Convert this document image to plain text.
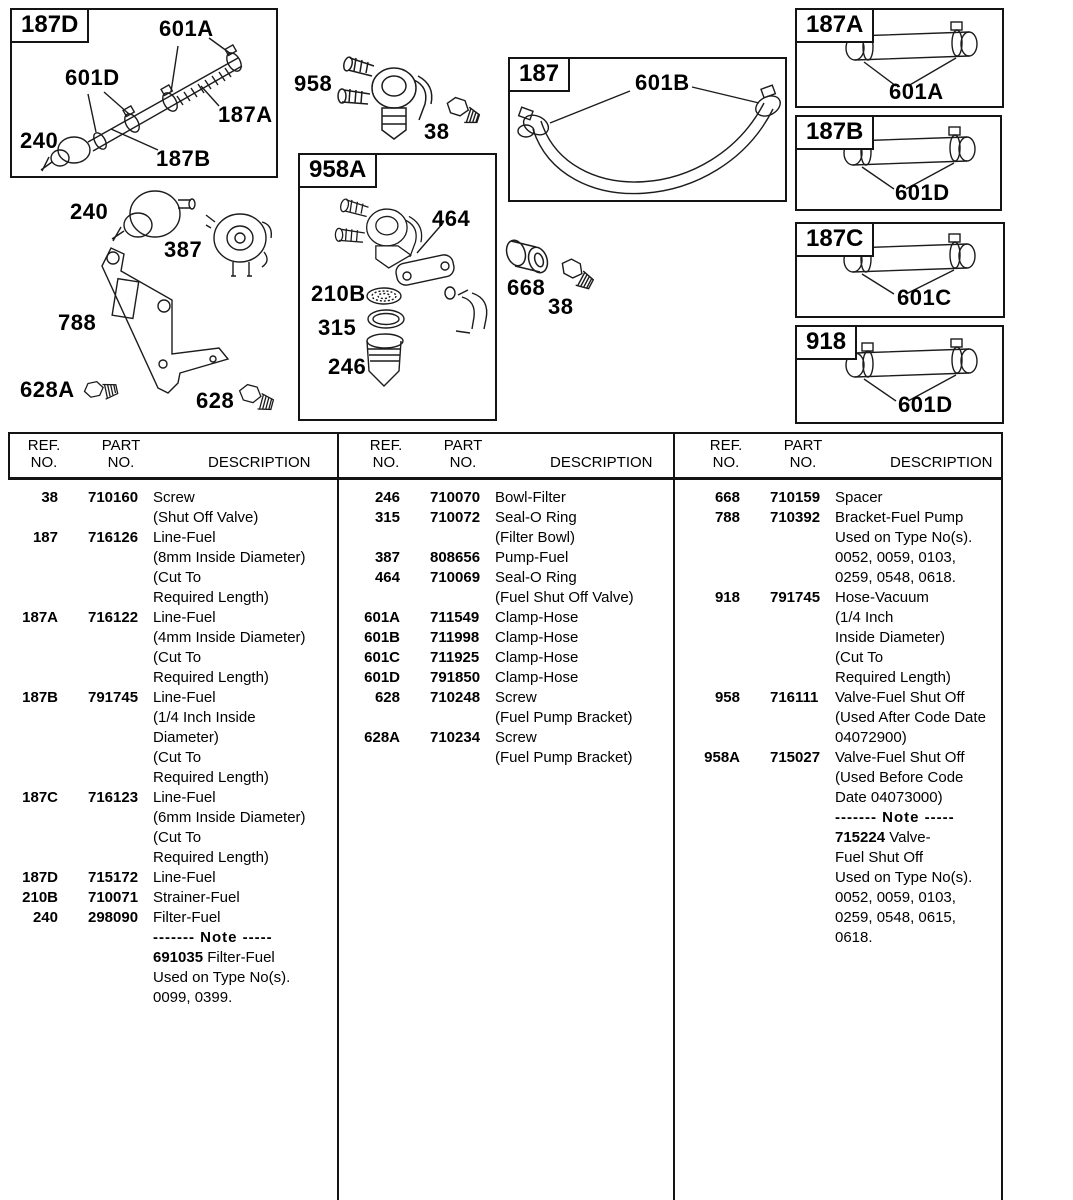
187D	601A
601D
240
187A
187B
958
38
187	601B
187A
601A
187B
601D
187C
601C
918
601D
240
387
788
628A	628
958A
464
210B
315
246
668
38
REF.
NO.
PART
NO.	DESCRIPTION
REF.
NO.
PART
NO.	DESCRIPTION
REF.
NO.
PART
NO.	DESCRIPTION
38 710160 Screw
(Shut Off Valve)
187 716126 Line-Fuel
(8mm Inside Diameter)
(Cut To
Required Length)
187A 716122 Line-Fuel
(4mm Inside Diameter)
(Cut To
Required Length)
187B 791745 Line-Fuel
(1/4 Inch Inside
Diameter)
(Cut To
Required Length)
187C 716123 Line-Fuel
(6mm Inside Diameter)
(Cut To
Required Length)
187D 715172 Line-Fuel
210B 710071 Strainer-Fuel
240 298090 Filter-Fuel
------- Note -----
691035 Filter-Fuel
Used on Type No(s).
0099, 0399.
246 710070 Bowl-Filter
315 710072 Seal-O Ring
(Filter Bowl)
387 808656 Pump-Fuel
464 710069 Seal-O Ring
(Fuel Shut Off Valve)
601A 711549	Clamp-Hose
601B 711998	Clamp-Hose
601C 711925	Clamp-Hose
601D 791850 Clamp-Hose
628 710248 Screw
(Fuel Pump Bracket)
628A 710234 Screw
(Fuel Pump Bracket)
668 710159 Spacer
788 710392 Bracket-Fuel Pump
Used on Type No(s).
0052, 0059, 0103,
0259, 0548, 0618.
918 791745 Hose-Vacuum
(1/4 Inch
Inside Diameter)
(Cut To
Required Length)
958 716111	Valve-Fuel Shut Off
(Used After Code Date
04072900)
958A 715027 Valve-Fuel Shut Off
(Used Before Code
Date 04073000)
------- Note -----
715224 Valve-
Fuel Shut Off
Used on Type No(s).
0052, 0059, 0103,
0259, 0548, 0615,
0618.
